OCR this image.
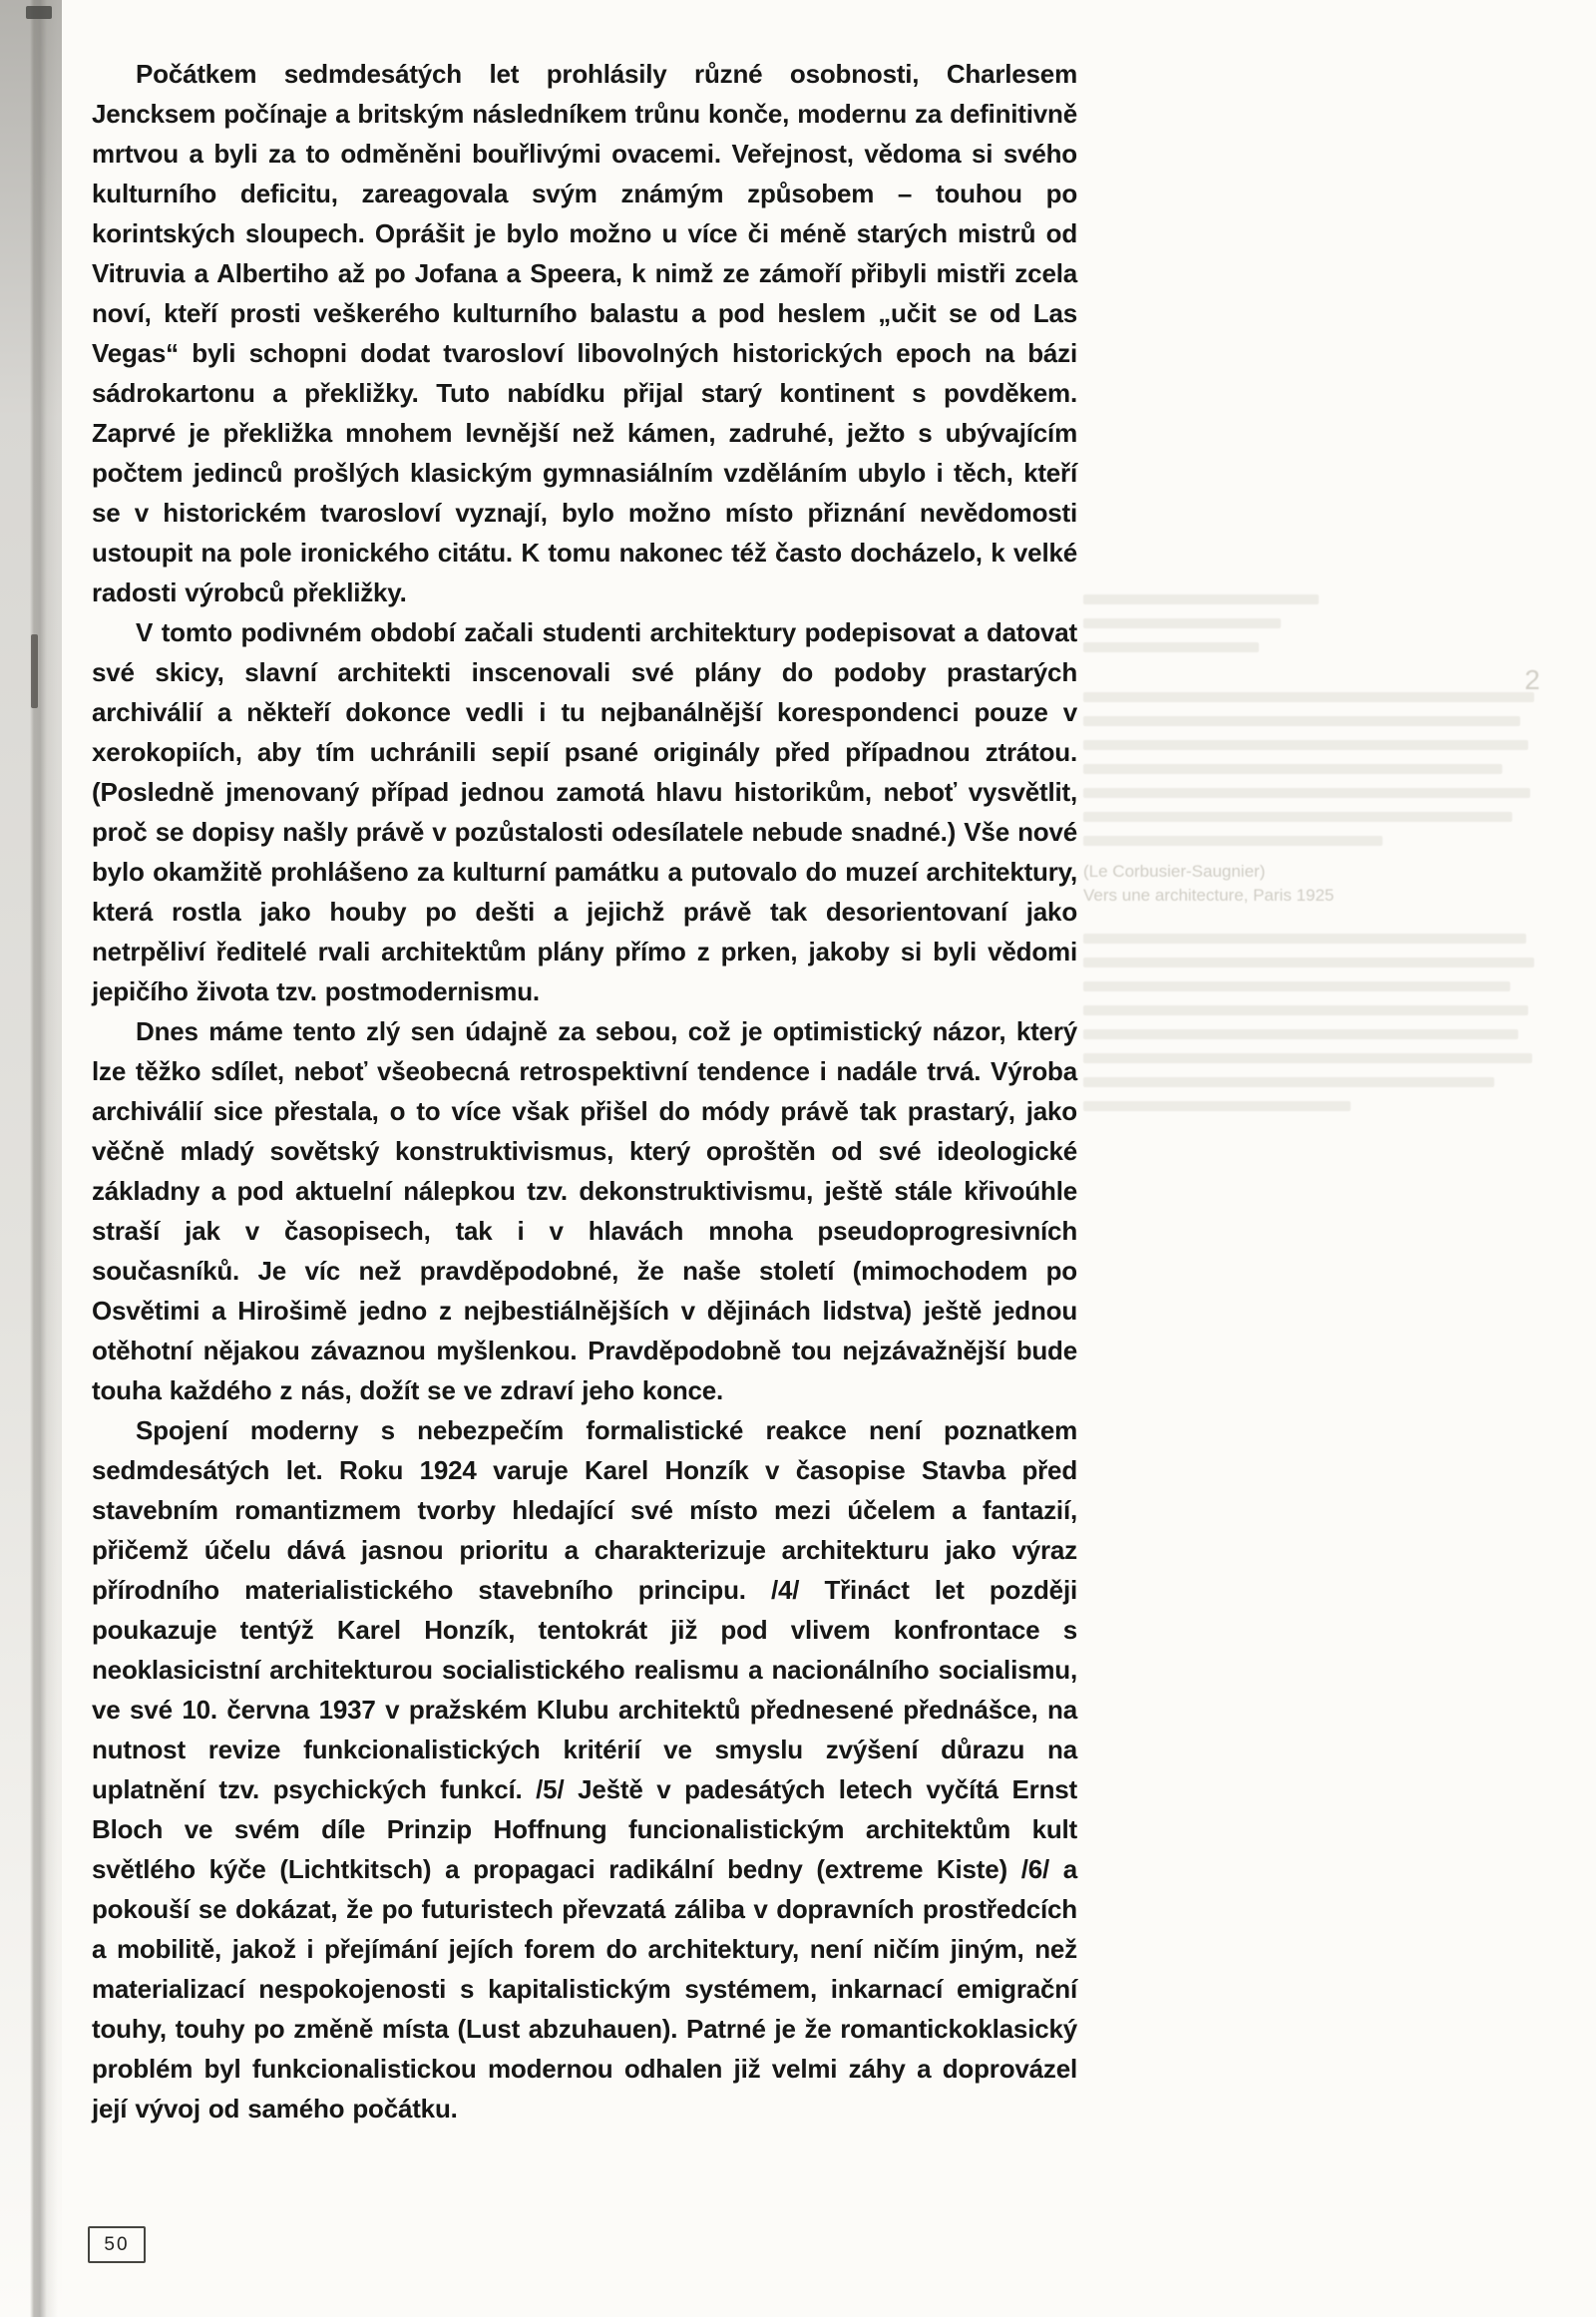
Počátkem sedmdesátých let prohlásily různé osobnosti, Charlesem Jencksem počínaje a britským následníkem trůnu konče, modernu za definitivně mrtvou a byli za to odměněni bouřlivými ovacemi. Veřejnost, vědoma si svého kulturního deficitu, zareagovala svým známým způsobem – touhou po korintských sloupech. Oprášit je bylo možno u více či méně starých mistrů od Vitruvia a Albertiho až po Jofana a Speera, k nimž ze zámoří přibyli mistři zcela noví, kteří prosti veškerého kulturního balastu a pod heslem „učit se od Las Vegas“ byli schopni dodat tvarosloví libovolných historických epoch na bázi sádrokartonu a překližky. Tuto nabídku přijal starý kontinent s povděkem. Zaprvé je překližka mnohem levnější než kámen, zadruhé, ježto s ubývajícím počtem jedinců prošlých klasickým gymnasiálním vzděláním ubylo i těch, kteří se v historickém tvarosloví vyznají, bylo možno místo přiznání nevědomosti ustoupit na pole ironického citátu. K tomu nakonec též často docházelo, k velké radosti výrobců překližky.

V tomto podivném období začali studenti architektury podepisovat a datovat své skicy, slavní architekti inscenovali své plány do podoby prastarých archiválií a někteří dokonce vedli i tu nejbanálnější korespondenci pouze v xerokopiích, aby tím uchránili sepií psané originály před případnou ztrátou. (Posledně jmenovaný případ jednou zamotá hlavu historikům, neboť vysvětlit, proč se dopisy našly právě v pozůstalosti odesílatele nebude snadné.) Vše nové bylo okamžitě prohlášeno za kulturní památku a putovalo do muzeí architektury, která rostla jako houby po dešti a jejichž právě tak desorientovaní jako netrpěliví ředitelé rvali architektům plány přímo z prken, jakoby si byli vědomi jepičího života tzv. postmodernismu.

Dnes máme tento zlý sen údajně za sebou, což je optimistický názor, který lze těžko sdílet, neboť všeobecná retrospektivní tendence i nadále trvá. Výroba archiválií sice přestala, o to více však přišel do módy právě tak prastarý, jako věčně mladý sovětský konstruktivismus, který oproštěn od své ideologické základny a pod aktuelní nálepkou tzv. dekonstruktivismu, ještě stále křivoúhle straší jak v časopisech, tak i v hlavách mnoha pseudoprogresivních současníků. Je víc než pravděpodobné, že naše století (mimochodem po Osvětimi a Hirošimě jedno z nejbestiálnějších v dějinách lidstva) ještě jednou otěhotní nějakou závaznou myšlenkou. Pravděpodobně tou nejzávažnější bude touha každého z nás, dožít se ve zdraví jeho konce.

Spojení moderny s nebezpečím formalistické reakce není poznatkem sedmdesátých let. Roku 1924 varuje Karel Honzík v časopise Stavba před stavebním romantizmem tvorby hledající své místo mezi účelem a fantazií, přičemž účelu dává jasnou prioritu a charakterizuje architekturu jako výraz přírodního materialistického stavebního principu. /4/ Třináct let později poukazuje tentýž Karel Honzík, tentokrát již pod vlivem konfrontace s neoklasicistní architekturou socialistického realismu a nacionálního socialismu, ve své 10. června 1937 v pražském Klubu architektů přednesené přednášce, na nutnost revize funkcionalistických kritérií ve smyslu zvýšení důrazu na uplatnění tzv. psychických funkcí. /5/ Ještě v padesátých letech vyčítá Ernst Bloch ve svém díle Prinzip Hoffnung funcionalistickým architektům kult světlého kýče (Lichtkitsch) a propagaci radikální bedny (extreme Kiste) /6/ a pokouší se dokázat, že po futuristech převzatá záliba v dopravních prostředcích a mobilitě, jakož i přejímání jejích forem do architektury, není ničím jiným, než materializací nespokojenosti s kapitalistickým systémem, inkarnací emigrační touhy, touhy po změně místa (Lust abzuhauen). Patrné je že romantickoklasický problém byl funkcionalistickou modernou odhalen již velmi záhy a doprovázel její vývoj od samého počátku.

2
(Le Corbusier-Saugnier)
Vers une architecture, Paris 1925
50
